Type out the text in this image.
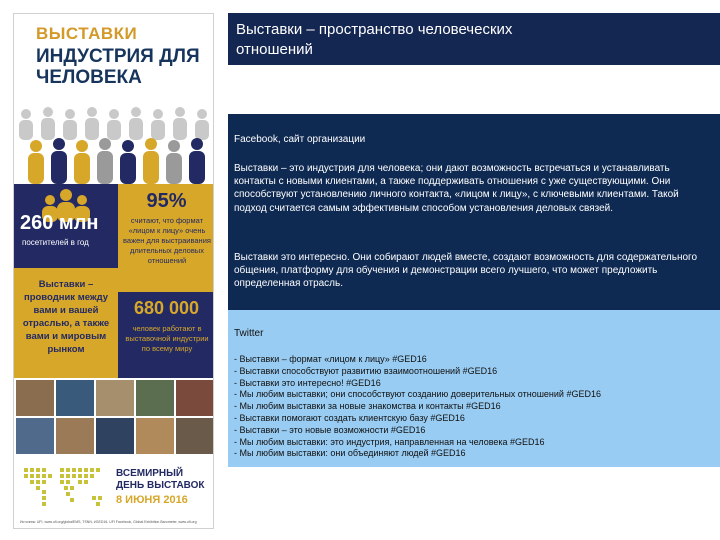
ВЫСТАВКИ
ИНДУСТРИЯ ДЛЯ ЧЕЛОВЕКА
260 млн
посетителей в год
95%
считают, что формат «лицом к лицу» очень важен для выстраивания длительных деловых отношений
Выставки – проводник между вами и вашей отраслью, а также вами и мировым рынком
680 000
человек работают в выставочной индустрии по всему миру
ВСЕМИРНЫЙ ДЕНЬ ВЫСТАВОК
8 ИЮНЯ 2016
Источник: UFI, www.ufi.org/globalEMS, TSNN, #GED16, UFI Facebook, Global Exhibition Barometer, www.ufi.org
Выставки – пространство человеческих отношений
Facebook, сайт организации
Выставки – это индустрия для человека; они дают возможность встречаться и устанавливать контакты с новыми клиентами, а также поддерживать отношения с уже существующими. Они способствуют установлению личного контакта, «лицом к лицу», с ключевыми клиентами. Такой подход считается самым эффективным способом установления деловых связей.
Выставки это интересно. Они собирают людей вместе, создают возможность для содержательного общения, платформу для обучения и демонстрации всего лучшего, что может предложить определенная отрасль.
Twitter
- Выставки – формат «лицом к лицу» #GED16
- Выставки способствуют развитию взаимоотношений #GED16
- Выставки это интересно! #GED16
- Мы любим выставки; они способствуют созданию доверительных отношений #GED16
- Мы любим выставки за новые знакомства и контакты #GED16
- Выставки помогают создать клиентскую базу #GED16
- Выставки – это новые возможности #GED16
- Мы любим выставки: это индустрия, направленная на человека #GED16
- Мы любим выставки: они объединяют людей #GED16
